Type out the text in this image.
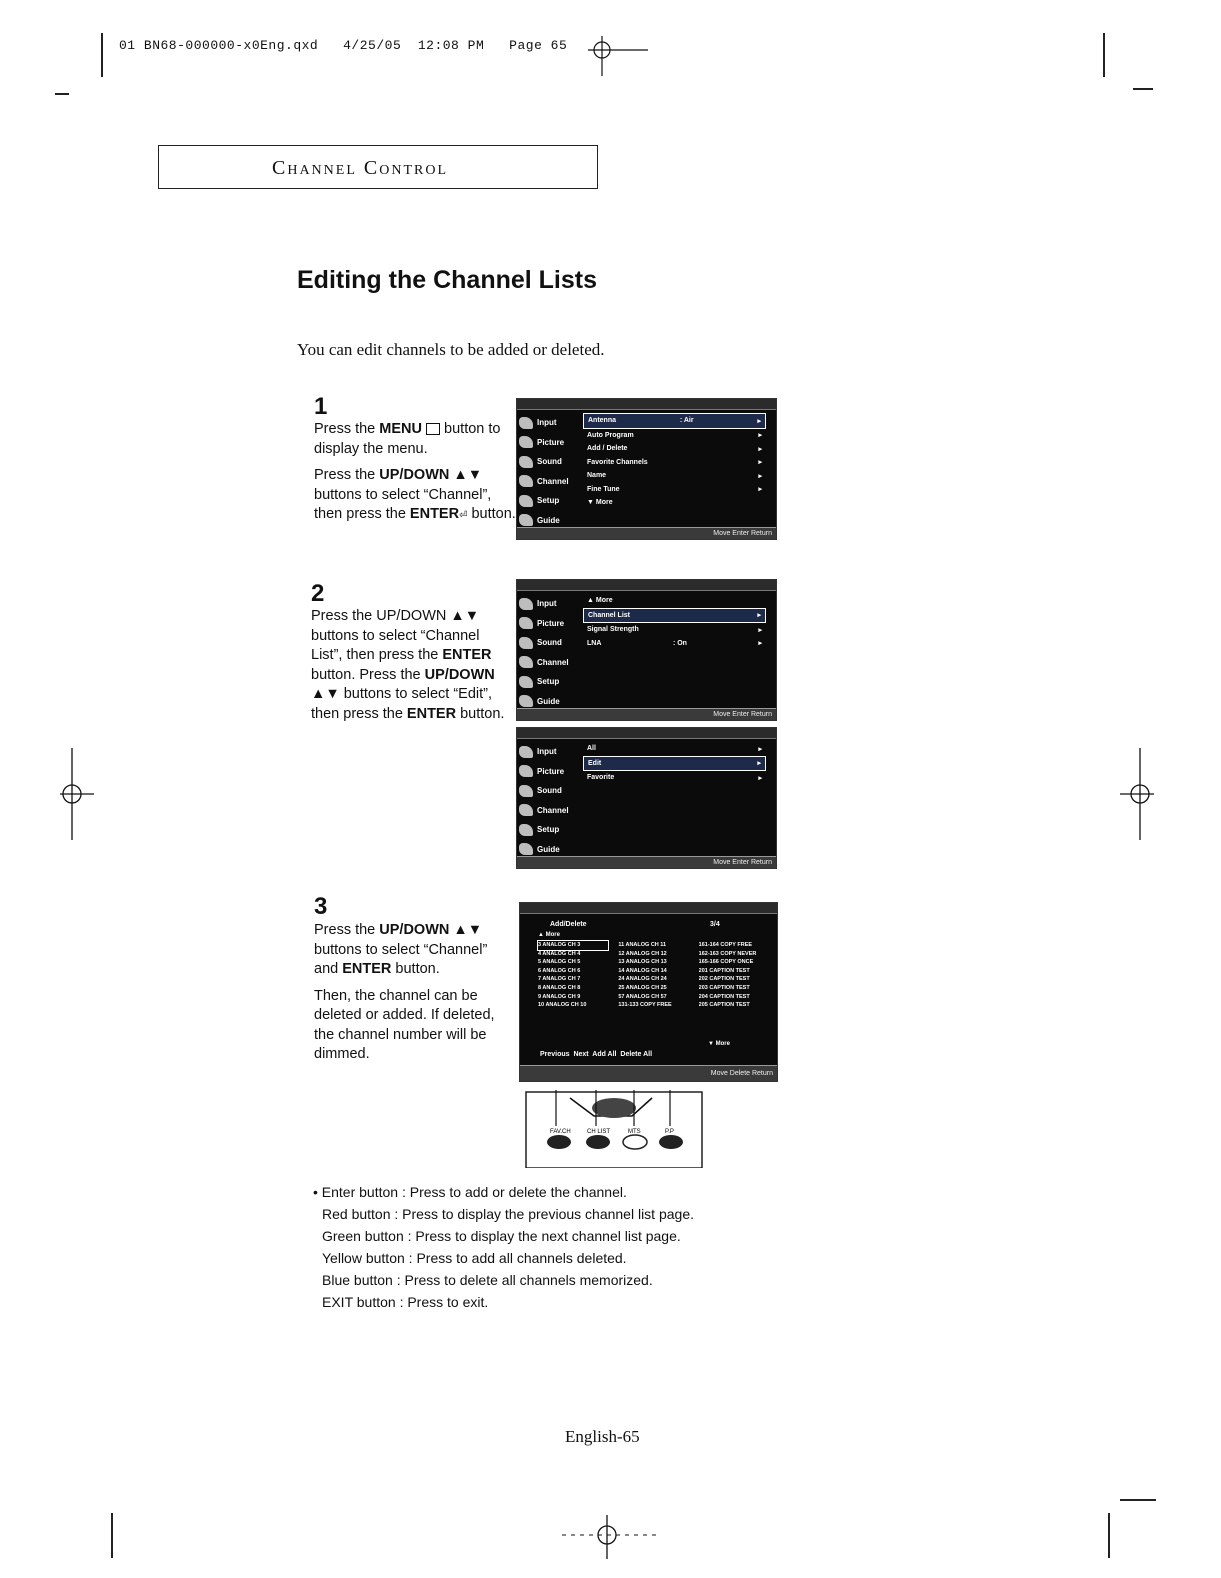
01 BN68-000000-x0Eng.qxd   4/25/05  12:08 PM   Page 65
Channel Control
Editing the Channel Lists
You can edit channels to be added or deleted.
1

Press the MENU  button to display the menu.

Press the UP/DOWN ▲▼ buttons to select “Channel”, then press the ENTER⏎ button.

2

Press the UP/DOWN ▲▼ buttons to select “Channel List”, then press the ENTER button. Press the UP/DOWN ▲▼ buttons to select “Edit”, then press the ENTER button.

3

Press the UP/DOWN ▲▼ buttons to select “Channel” and ENTER button.

Then, the channel can be deleted or added. If deleted, the channel number will be dimmed.

Input
Picture
Sound
Channel
Setup
Guide
Antenna	: Air	▸
Auto Program	▸
Add / Delete	▸
Favorite Channels	▸
Name	▸
Fine Tune	▸
▼ More
Move Enter Return
Input
Picture
Sound
Channel
Setup
Guide
▲ More
Channel List	▸
Signal Strength	▸
LNA	: On	▸
Move Enter Return
Input
Picture
Sound
Channel
Setup
Guide
All	▸
Edit	▸
Favorite	▸
Move Enter Return
Add/Delete	3/4
▲ More
3 ANALOG CH 3	11 ANALOG CH 11	161-164 COPY FREE
4 ANALOG CH 4	12 ANALOG CH 12	162-163 COPY NEVER
5 ANALOG CH 5	13 ANALOG CH 13	165-166 COPY ONCE
6 ANALOG CH 6	14 ANALOG CH 14	201 CAPTION TEST
7 ANALOG CH 7	24 ANALOG CH 24	202 CAPTION TEST
8 ANALOG CH 8	25 ANALOG CH 25	203 CAPTION TEST
9 ANALOG CH 9	57 ANALOG CH 57	204 CAPTION TEST
10 ANALOG CH 10	131-133 COPY FREE	205 CAPTION TEST
▼ More
Previous  Next  Add All  Delete All
Move Delete Return
FAV.CH	CH LIST	MTS	P.P
• Enter button : Press to add or delete the channel.
Red button : Press to display the previous channel list page.
Green button : Press to display the next channel list page.
Yellow button : Press to add all channels deleted.
Blue button : Press to delete all channels memorized.
EXIT button : Press to exit.
English-65
